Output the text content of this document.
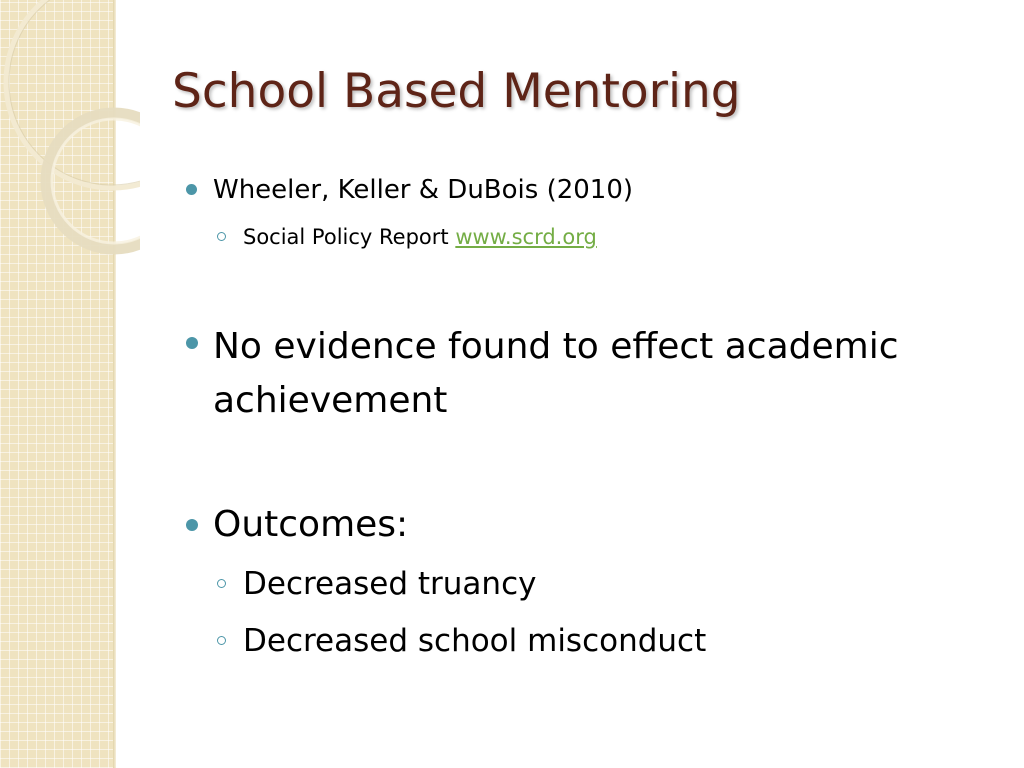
School Based Mentoring
Wheeler, Keller & DuBois (2010)
Social Policy Report www.scrd.org
No evidence found to effect academic achievement
Outcomes:
Decreased truancy
Decreased school misconduct
